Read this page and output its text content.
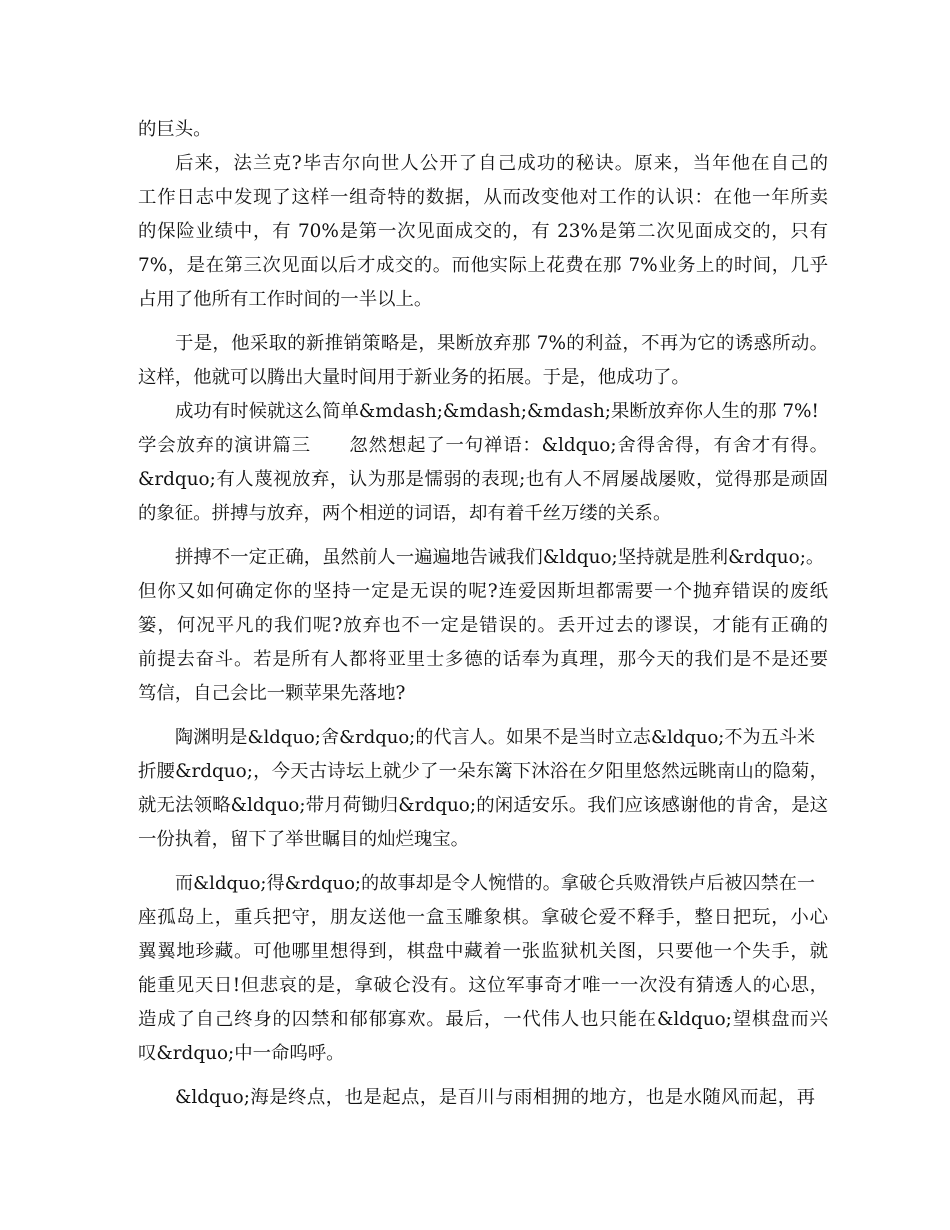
的巨头。
后来，法兰克?毕吉尔向世人公开了自己成功的秘诀。原来，当年他在自己的
工作日志中发现了这样一组奇特的数据，从而改变他对工作的认识：在他一年所卖
的保险业绩中，有 70%是第一次见面成交的，有 23%是第二次见面成交的，只有
7%，是在第三次见面以后才成交的。而他实际上花费在那 7%业务上的时间，几乎
占用了他所有工作时间的一半以上。
于是，他采取的新推销策略是，果断放弃那 7%的利益，不再为它的诱惑所动。
这样，他就可以腾出大量时间用于新业务的拓展。于是，他成功了。
成功有时候就这么简单&mdash;&mdash;&mdash;果断放弃你人生的那 7%!
学会放弃的演讲篇三　　忽然想起了一句禅语：&ldquo;舍得舍得，有舍才有得。
&rdquo;有人蔑视放弃，认为那是懦弱的表现;也有人不屑屡战屡败，觉得那是顽固
的象征。拼搏与放弃，两个相逆的词语，却有着千丝万缕的关系。
拼搏不一定正确，虽然前人一遍遍地告诫我们&ldquo;坚持就是胜利&rdquo;。
但你又如何确定你的坚持一定是无误的呢?连爱因斯坦都需要一个抛弃错误的废纸
篓，何况平凡的我们呢?放弃也不一定是错误的。丢开过去的谬误，才能有正确的
前提去奋斗。若是所有人都将亚里士多德的话奉为真理，那今天的我们是不是还要
笃信，自己会比一颗苹果先落地?
陶渊明是&ldquo;舍&rdquo;的代言人。如果不是当时立志&ldquo;不为五斗米
折腰&rdquo;，今天古诗坛上就少了一朵东篱下沐浴在夕阳里悠然远眺南山的隐菊，
就无法领略&ldquo;带月荷锄归&rdquo;的闲适安乐。我们应该感谢他的肯舍，是这
一份执着，留下了举世瞩目的灿烂瑰宝。
而&ldquo;得&rdquo;的故事却是令人惋惜的。拿破仑兵败滑铁卢后被囚禁在一
座孤岛上，重兵把守，朋友送他一盒玉雕象棋。拿破仑爱不释手，整日把玩，小心
翼翼地珍藏。可他哪里想得到，棋盘中藏着一张监狱机关图，只要他一个失手，就
能重见天日!但悲哀的是，拿破仑没有。这位军事奇才唯一一次没有猜透人的心思，
造成了自己终身的囚禁和郁郁寡欢。最后，一代伟人也只能在&ldquo;望棋盘而兴
叹&rdquo;中一命呜呼。
&ldquo;海是终点，也是起点，是百川与雨相拥的地方，也是水随风而起，再
